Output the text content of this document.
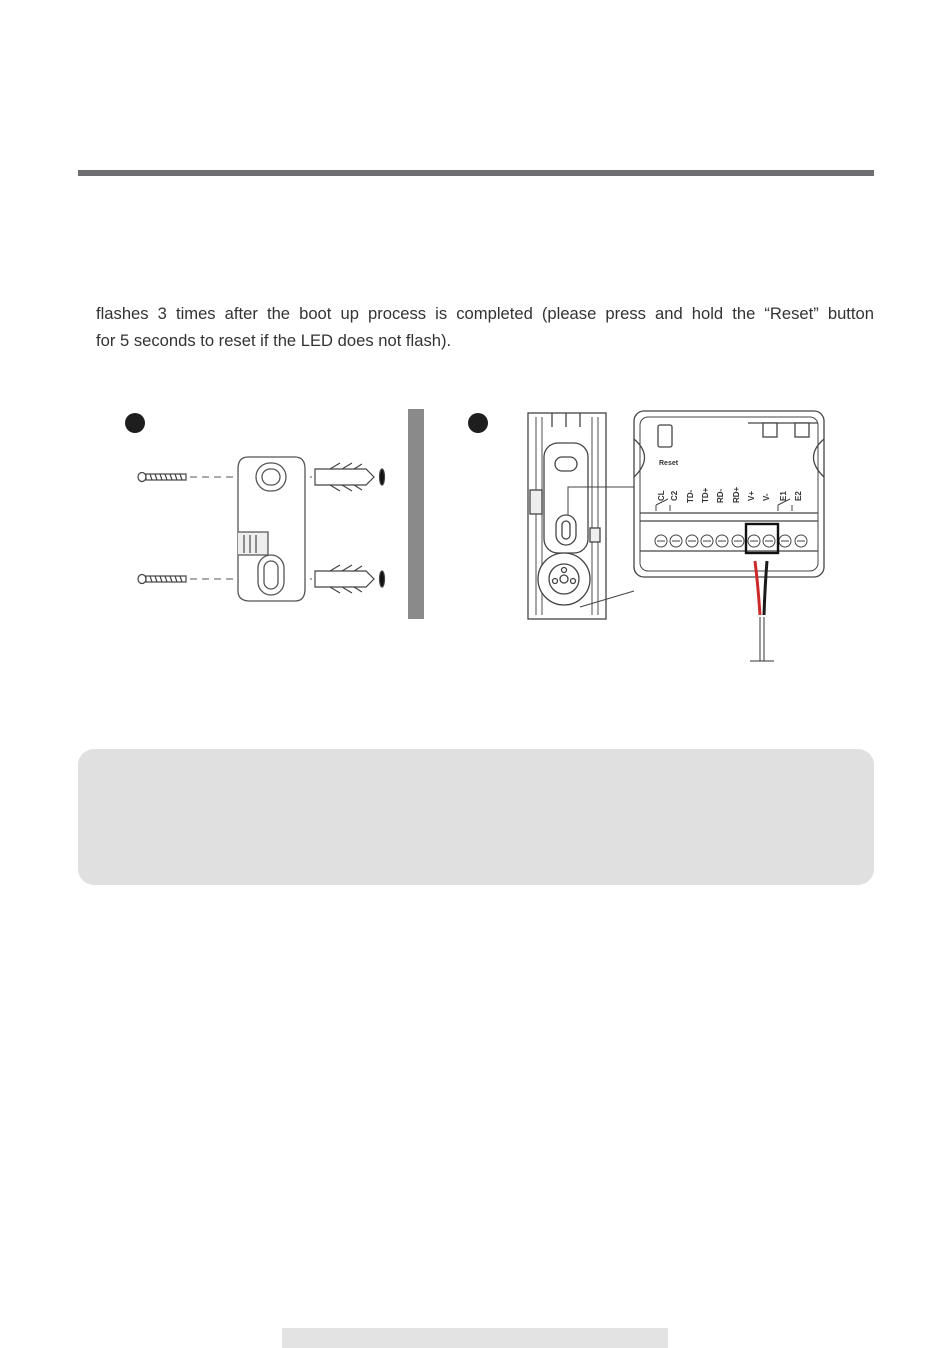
flashes 3 times after the boot up process is completed (please press and hold the “Reset” button
for 5 seconds to reset if the LED does not flash).
Reset
CL C2 TD- TD+ RD- RD+ V+ V- E1 E2
